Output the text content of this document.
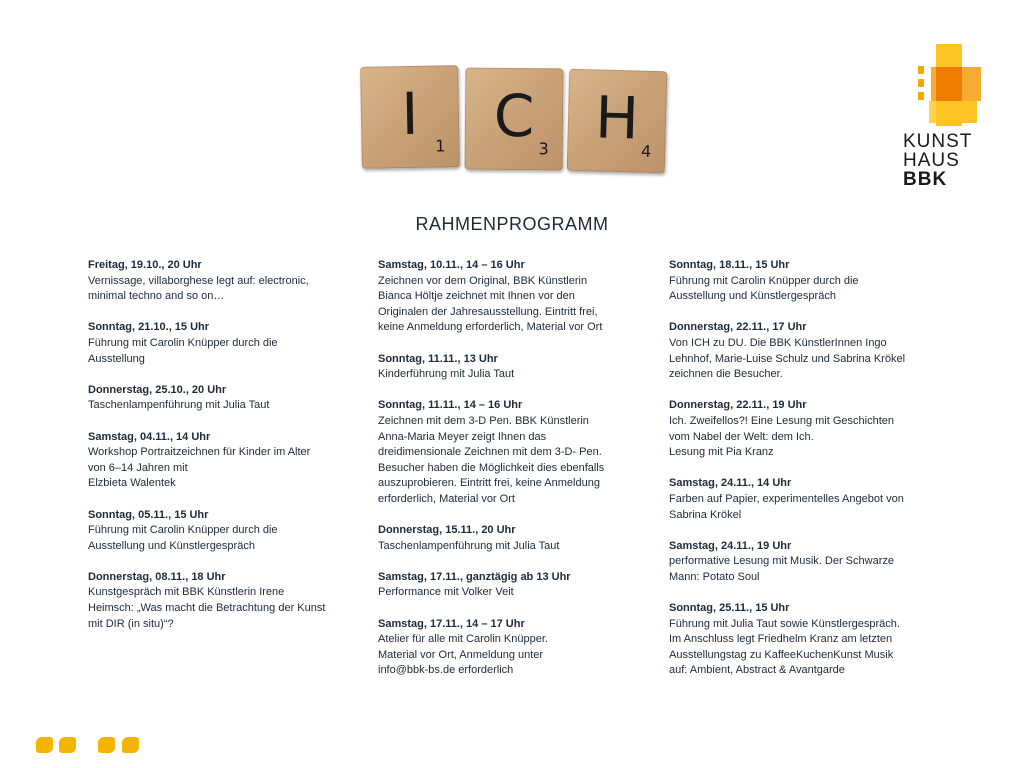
I	1 C 3 H 4	KUNST
HAUS
BBK
RAHMENPROGRAMM
Freitag, 19.10., 20 Uhr
Vernissage, villaborghese legt auf: electronic,
minimal techno and so on…
Sonntag, 21.10., 15 Uhr
Führung mit Carolin Knüpper durch die
Ausstellung
Donnerstag, 25.10., 20 Uhr
Taschenlampenführung mit Julia Taut
Samstag, 04.11., 14 Uhr
Workshop Portraitzeichnen für Kinder im Alter
von 6–14 Jahren mit
Elzbieta Walentek
Sonntag, 05.11., 15 Uhr
Führung mit Carolin Knüpper durch die
Ausstellung und Künstlergespräch
Donnerstag, 08.11., 18 Uhr
Kunstgespräch mit BBK Künstlerin Irene
Heimsch: „Was macht die Betrachtung der Kunst
mit DIR (in situ)“?
Samstag, 10.11., 14 – 16 Uhr
Zeichnen vor dem Original, BBK Künstlerin
Bianca Höltje zeichnet mit Ihnen vor den
Originalen der Jahresausstellung. Eintritt frei,
keine Anmeldung erforderlich, Material vor Ort
Sonntag, 11.11., 13 Uhr
Kinderführung mit Julia Taut
Sonntag, 11.11., 14 – 16 Uhr
Zeichnen mit dem 3-D Pen. BBK Künstlerin
Anna-Maria Meyer zeigt Ihnen das
dreidimensionale Zeichnen mit dem 3-D- Pen.
Besucher haben die Möglichkeit dies ebenfalls
auszuprobieren. Eintritt frei, keine Anmeldung
erforderlich, Material vor Ort
Donnerstag, 15.11., 20 Uhr
Taschenlampenführung mit Julia Taut
Samstag, 17.11., ganztägig ab 13 Uhr
Performance mit Volker Veit
Samstag, 17.11., 14 – 17 Uhr
Atelier für alle mit Carolin Knüpper.
Material vor Ort, Anmeldung unter
info@bbk-bs.de erforderlich
Sonntag, 18.11., 15 Uhr
Führung mit Carolin Knüpper durch die
Ausstellung und Künstlergespräch
Donnerstag, 22.11., 17 Uhr
Von ICH zu DU. Die BBK KünstlerInnen Ingo
Lehnhof, Marie-Luise Schulz und Sabrina Krökel
zeichnen die Besucher.
Donnerstag, 22.11., 19 Uhr
Ich. Zweifellos?! Eine Lesung mit Geschichten
vom Nabel der Welt: dem Ich.
Lesung mit Pia Kranz
Samstag, 24.11., 14 Uhr
Farben auf Papier, experimentelles Angebot von
Sabrina Krökel
Samstag, 24.11., 19 Uhr
performative Lesung mit Musik. Der Schwarze
Mann: Potato Soul
Sonntag, 25.11., 15 Uhr
Führung mit Julia Taut sowie Künstlergespräch.
Im Anschluss legt Friedhelm Kranz am letzten
Ausstellungstag zu KaffeeKuchenKunst Musik
auf: Ambient, Abstract & Avantgarde
